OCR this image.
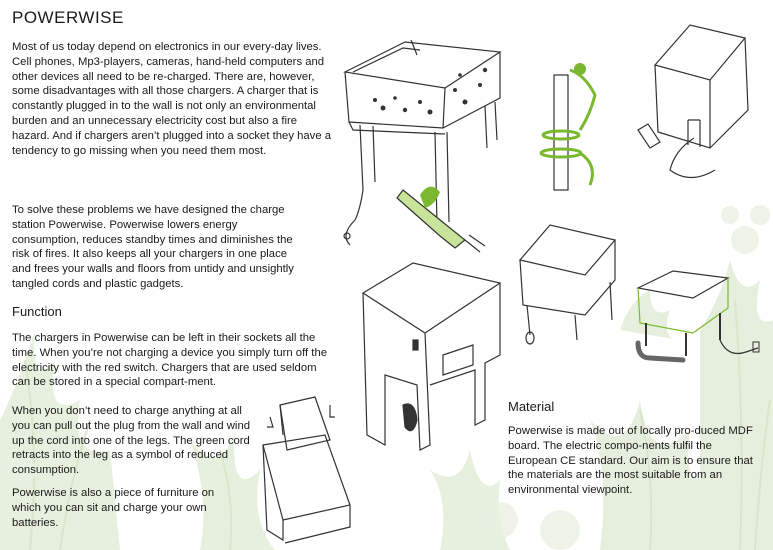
POWERWISE

Most of us today depend on electronics in our every-day lives. Cell phones, Mp3-players, cameras, hand-held computers and other devices all need to be re-charged. There are, however, some disadvantages with all those chargers. A charger that is constantly plugged in to the wall is not only an environmental burden and an unnecessary electricity cost but also a fire hazard. And if chargers aren’t plugged into a socket they have a tendency to go missing when you need them most.

To solve these problems we have designed the charge station Powerwise. Powerwise lowers energy consumption, reduces standby times and diminishes the risk of fires. It also keeps all your chargers in one place and frees your walls and floors from untidy and unsightly tangled cords and plastic gadgets.

Function

The chargers in Powerwise can be left in their sockets all the time. When you’re not charging a device you simply turn off the electricity with the red switch. Chargers that are used seldom can be stored in a special compart-ment.

When you don’t need to charge anything at all you can pull out the plug from the wall and wind up the cord into one of the legs. The green cord retracts into the leg as a symbol of reduced consumption.

Powerwise is also a piece of furniture on which you can sit and charge your own batteries.

Material

Powerwise is made out of locally pro-duced MDF board. The electric compo-nents fulfil the European CE standard. Our aim is to ensure that the materials are the most suitable from an environmental viewpoint.
